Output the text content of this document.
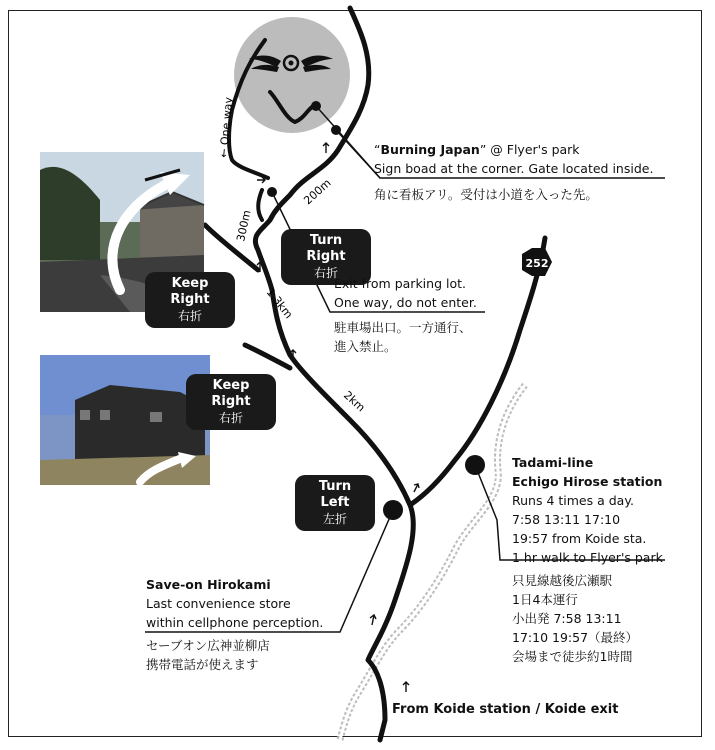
252
200m
300m
1.3km
2km
← One way
Turn Right
右折
Keep Right
右折
Keep Right
右折
Turn Left
左折
“Burning Japan” @ Flyer's park
Sign boad at the corner. Gate located inside.
角に看板アリ。受付は小道を入った先。
Exit from parking lot.
One way, do not enter.
駐車場出口。一方通行、
進入禁止。
Tadami-line
Echigo Hirose station
Runs 4 times a day.
7:58 13:11 17:10
19:57 from Koide sta.
1 hr walk to Flyer's park
只見線越後広瀬駅
1日4本運行
小出発 7:58 13:11
17:10 19:57（最終）
会場まで徒歩約1時間
Save-on Hirokami
Last convenience store
within cellphone perception.
セーブオン広神並柳店
携帯電話が使えます
From Koide station / Koide exit
